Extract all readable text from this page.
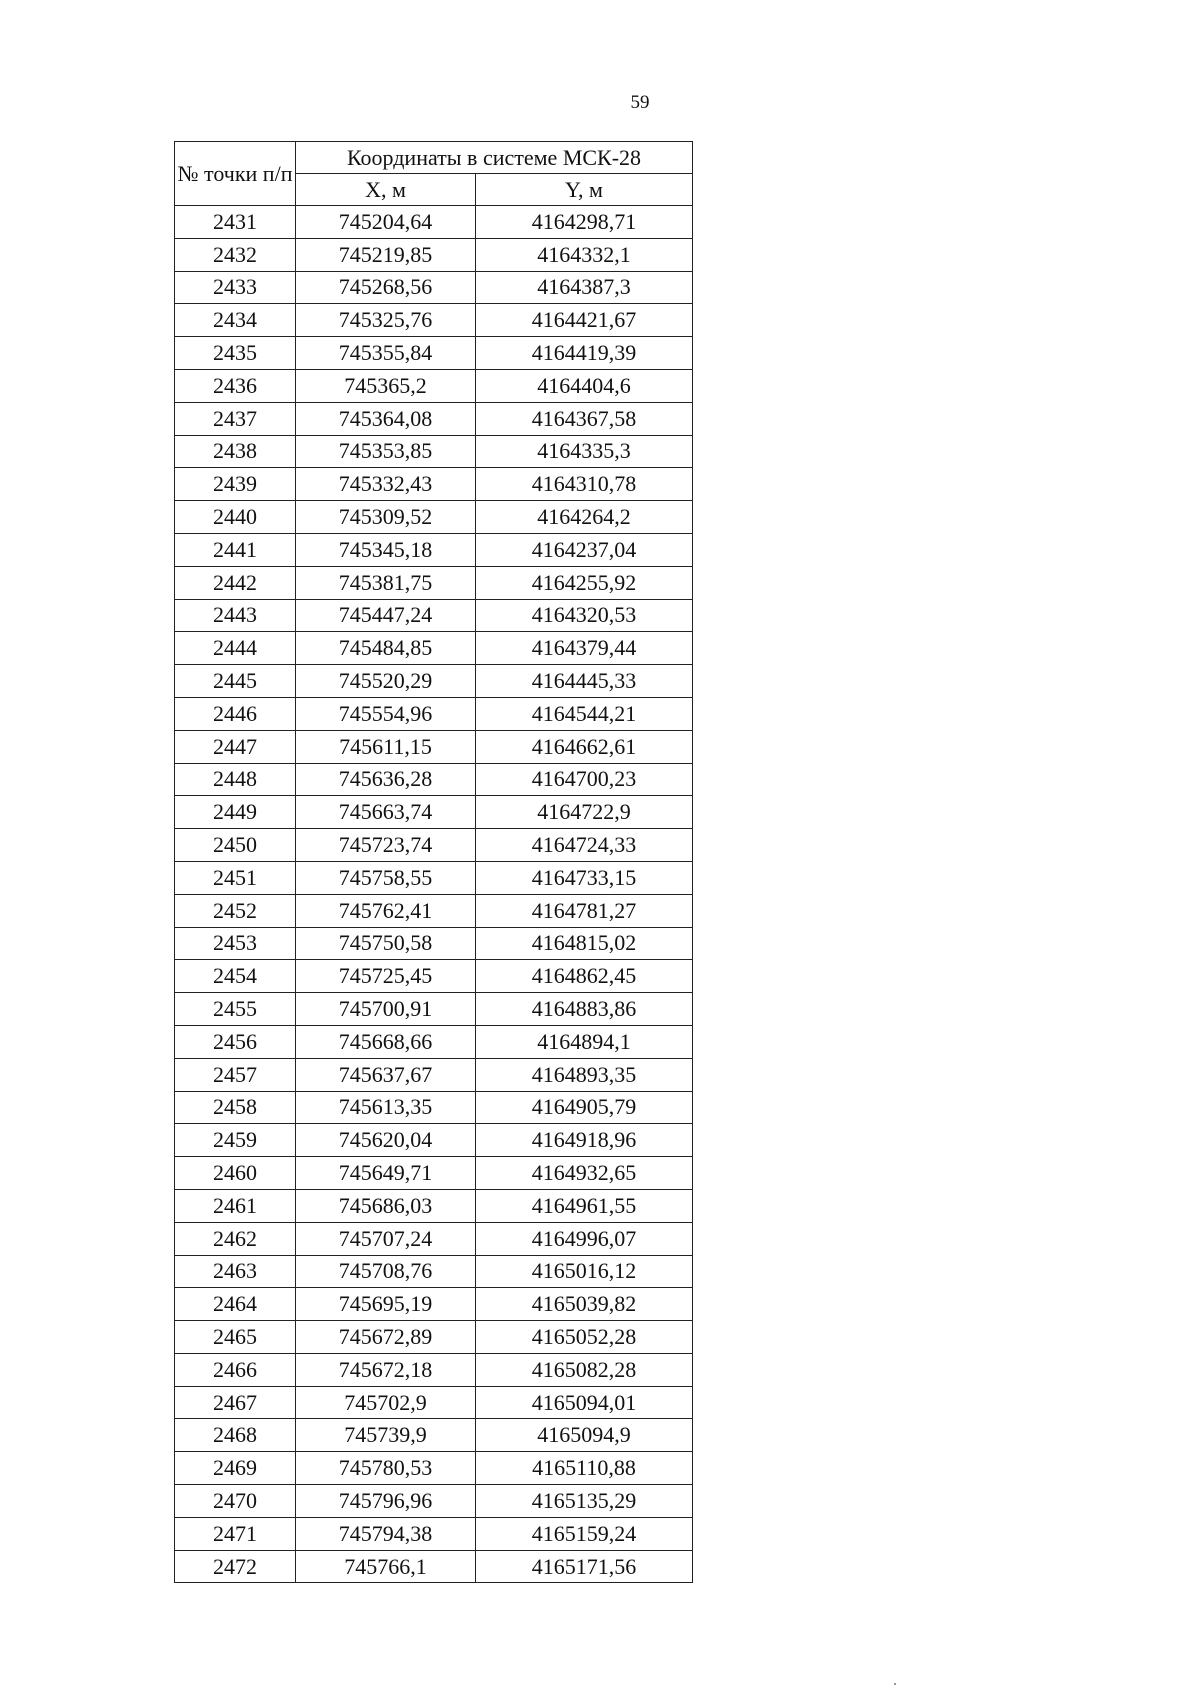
59
№ точки п/п	Координаты в системе МСК-28	
	X, м	Y, м
2431	745204,64	4164298,71
2432	745219,85	4164332,1
2433	745268,56	4164387,3
2434	745325,76	4164421,67
2435	745355,84	4164419,39
2436	745365,2	4164404,6
2437	745364,08	4164367,58
2438	745353,85	4164335,3
2439	745332,43	4164310,78
2440	745309,52	4164264,2
2441	745345,18	4164237,04
2442	745381,75	4164255,92
2443	745447,24	4164320,53
2444	745484,85	4164379,44
2445	745520,29	4164445,33
2446	745554,96	4164544,21
2447	745611,15	4164662,61
2448	745636,28	4164700,23
2449	745663,74	4164722,9
2450	745723,74	4164724,33
2451	745758,55	4164733,15
2452	745762,41	4164781,27
2453	745750,58	4164815,02
2454	745725,45	4164862,45
2455	745700,91	4164883,86
2456	745668,66	4164894,1
2457	745637,67	4164893,35
2458	745613,35	4164905,79
2459	745620,04	4164918,96
2460	745649,71	4164932,65
2461	745686,03	4164961,55
2462	745707,24	4164996,07
2463	745708,76	4165016,12
2464	745695,19	4165039,82
2465	745672,89	4165052,28
2466	745672,18	4165082,28
2467	745702,9	4165094,01
2468	745739,9	4165094,9
2469	745780,53	4165110,88
2470	745796,96	4165135,29
2471	745794,38	4165159,24
2472	745766,1	4165171,56
